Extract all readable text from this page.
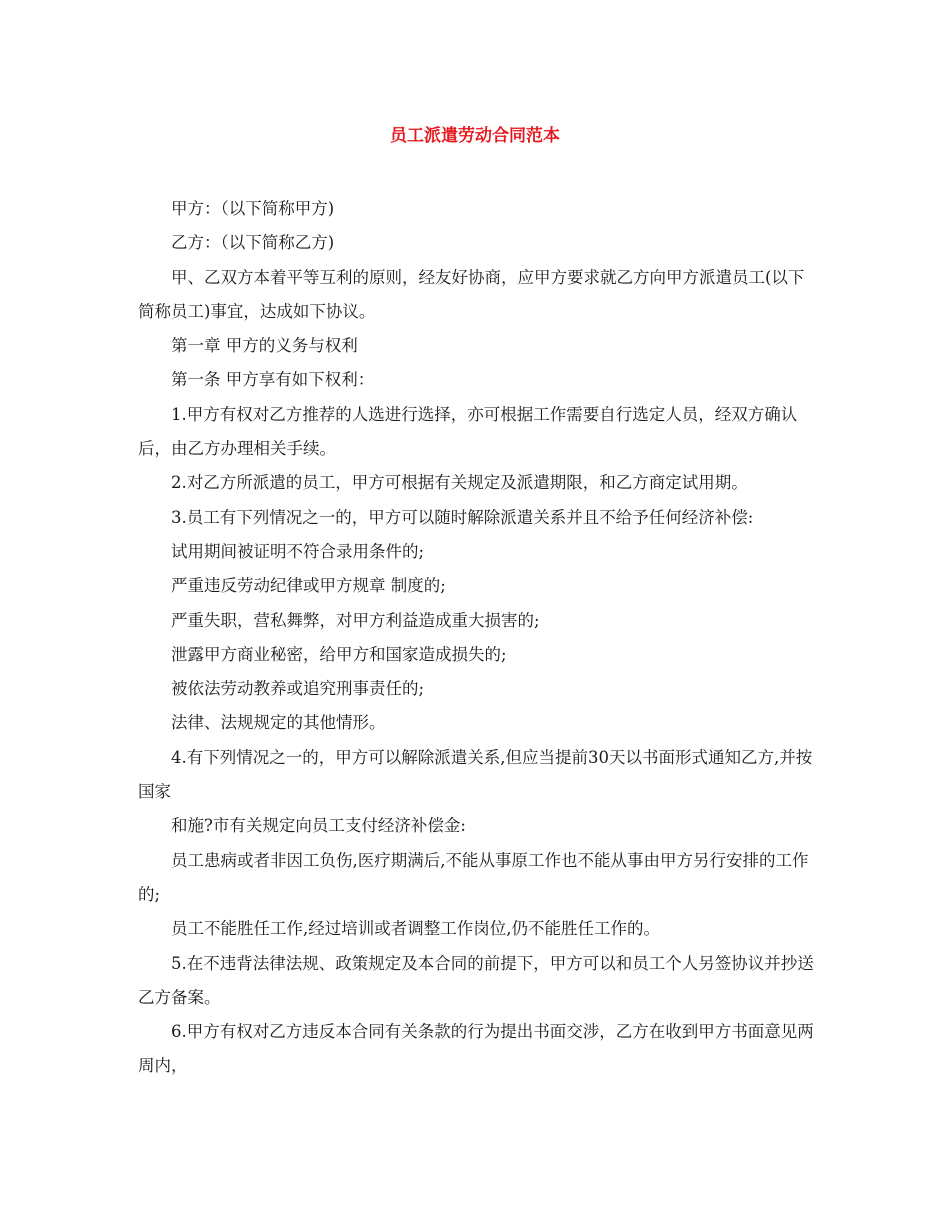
员工派遣劳动合同范本

甲方：（以下简称甲方)

乙方：（以下简称乙方)

甲、乙双方本着平等互利的原则，经友好协商，应甲方要求就乙方向甲方派遣员工(以下简称员工)事宜，达成如下协议。

第一章 甲方的义务与权利

第一条 甲方享有如下权利：

1.甲方有权对乙方推荐的人选进行选择，亦可根据工作需要自行选定人员，经双方确认后，由乙方办理相关手续。

2.对乙方所派遣的员工，甲方可根据有关规定及派遣期限，和乙方商定试用期。

3.员工有下列情况之一的，甲方可以随时解除派遣关系并且不给予任何经济补偿:

试用期间被证明不符合录用条件的;

严重违反劳动纪律或甲方规章 制度的;

严重失职，营私舞弊，对甲方利益造成重大损害的;

泄露甲方商业秘密，给甲方和国家造成损失的;

被依法劳动教养或追究刑事责任的;

法律、法规规定的其他情形。

4.有下列情况之一的，甲方可以解除派遣关系,但应当提前30天以书面形式通知乙方,并按国家

和施?市有关规定向员工支付经济补偿金:

员工患病或者非因工负伤,医疗期满后,不能从事原工作也不能从事由甲方另行安排的工作的;

员工不能胜任工作,经过培训或者调整工作岗位,仍不能胜任工作的。

5.在不违背法律法规、政策规定及本合同的前提下，甲方可以和员工个人另签协议并抄送乙方备案。

6.甲方有权对乙方违反本合同有关条款的行为提出书面交涉，乙方在收到甲方书面意见两周内，
